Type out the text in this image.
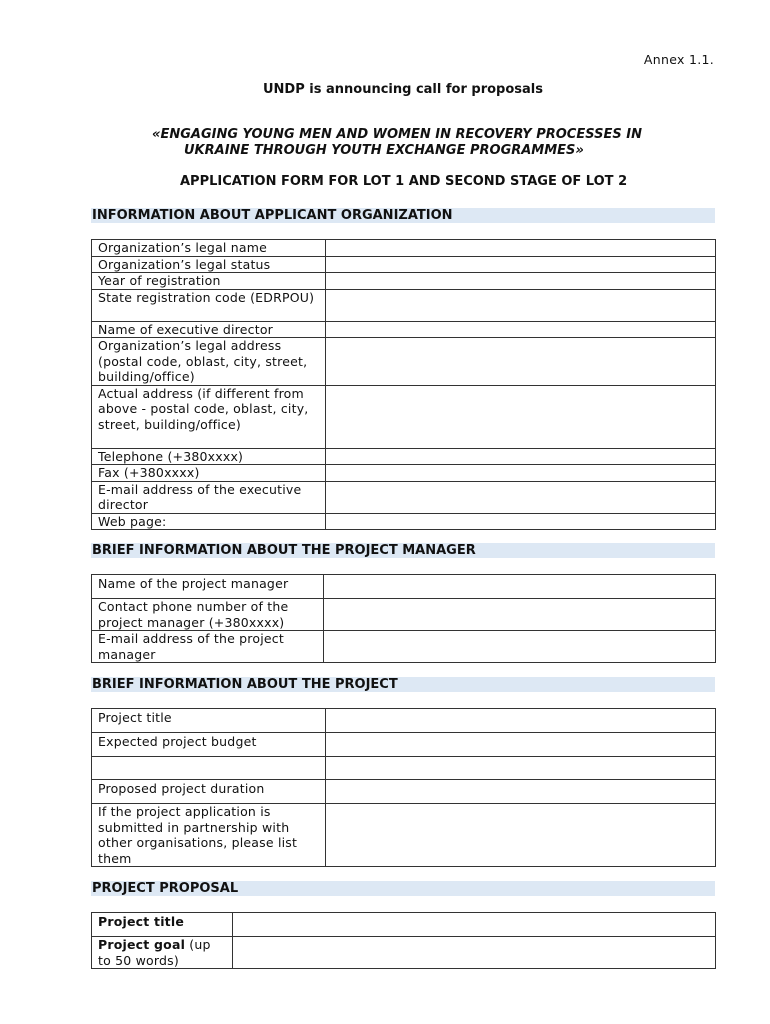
Annex 1.1.
UNDP is announcing call for proposals
«ENGAGING YOUNG MEN AND WOMEN IN RECOVERY PROCESSES IN
UKRAINE THROUGH YOUTH EXCHANGE PROGRAMMES»
APPLICATION FORM FOR LOT 1 AND SECOND STAGE OF LOT 2
INFORMATION ABOUT APPLICANT ORGANIZATION
Organization’s legal name	
Organization’s legal status	
Year of registration	
State registration code (EDRPOU)	
Name of executive director	
Organization’s legal address (postal code, oblast, city, street, building/office)	
Actual address (if different from above - postal code, oblast, city, street, building/office)	
Telephone (+380xxxx)	
Fax (+380xxxx)	
E-mail address of the executive director	
Web page:	
BRIEF INFORMATION ABOUT THE PROJECT MANAGER
Name of the project manager	
Contact phone number of the project manager (+380xxxx)	
E-mail address of the project manager	
BRIEF INFORMATION ABOUT THE PROJECT
Project title	
Expected project budget	

Proposed project duration	
If the project application is submitted in partnership with other organisations, please list them	
PROJECT PROPOSAL
Project title	
Project goal (up to 50 words)	
